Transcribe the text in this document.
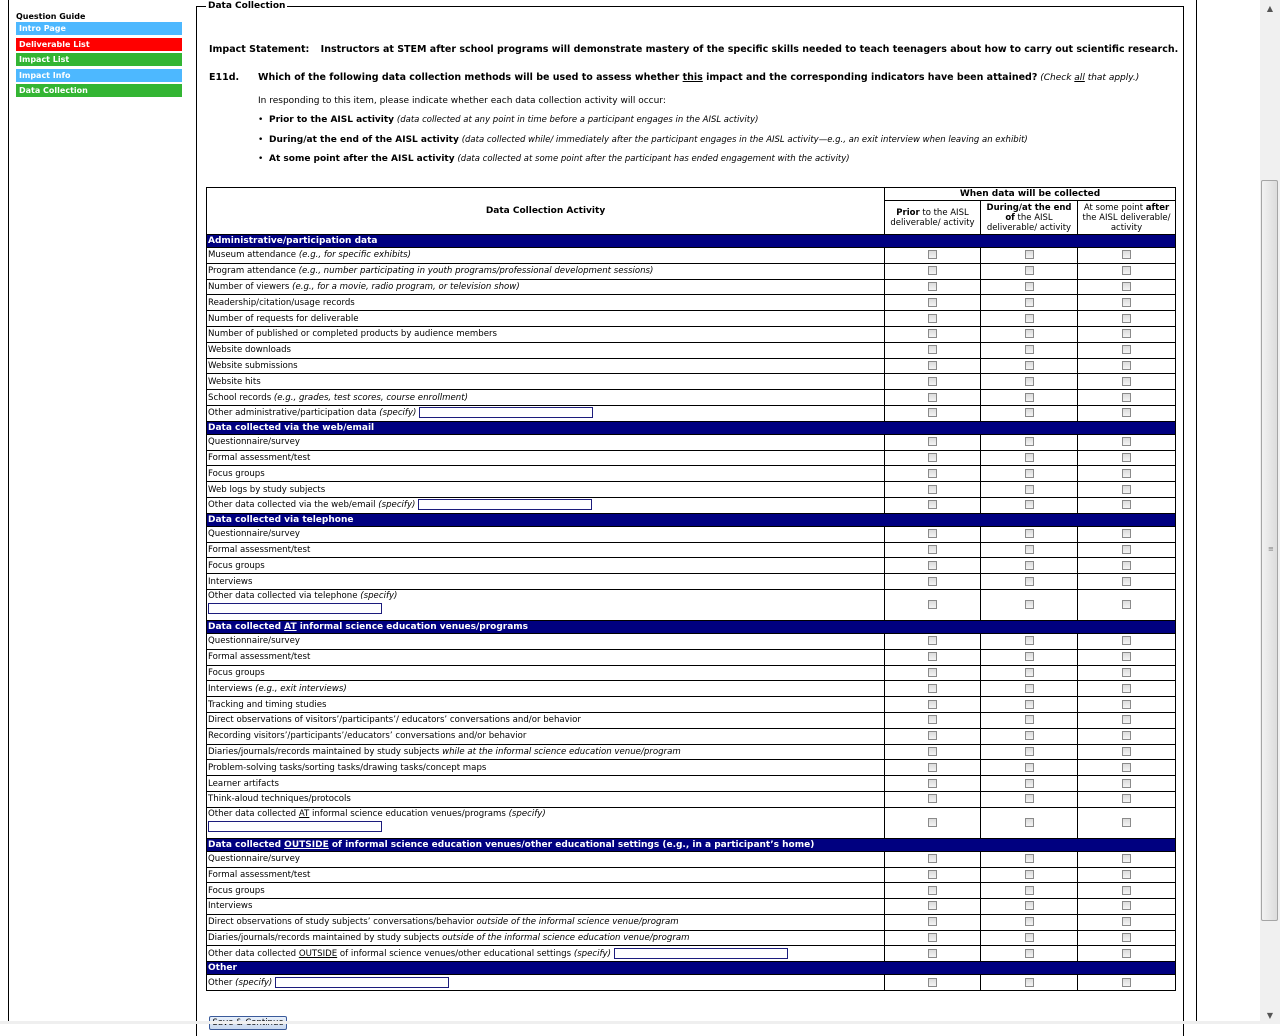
Question Guide
Intro Page
Deliverable List
Impact List
Impact Info
Data Collection
Data Collection
Impact Statement: Instructors at STEM after school programs will demonstrate mastery of the specific skills needed to teach teenagers about how to carry out scientific research.
E11d. Which of the following data collection methods will be used to assess whether this impact and the corresponding indicators have been attained? (Check all that apply.)
In responding to this item, please indicate whether each data collection activity will occur:
• Prior to the AISL activity (data collected at any point in time before a participant engages in the AISL activity)
• During/at the end of the AISL activity (data collected while/ immediately after the participant engages in the AISL activity—e.g., an exit interview when leaving an exhibit)
• At some point after the AISL activity (data collected at some point after the participant has ended engagement with the activity)
Data Collection Activity	When data will be collected		
	Prior to the AISL deliverable/ activity	During/at the end of the AISL deliverable/ activity	At some point after the AISL deliverable/ activity
Administrative/participation data			
Museum attendance (e.g., for specific exhibits)			
Program attendance (e.g., number participating in youth programs/professional development sessions)			
Number of viewers (e.g., for a movie, radio program, or television show)			
Readership/citation/usage records			
Number of requests for deliverable			
Number of published or completed products by audience members			
Website downloads			
Website submissions			
Website hits			
School records (e.g., grades, test scores, course enrollment)			
Other administrative/participation data (specify)			
Data collected via the web/email			
Questionnaire/survey			
Formal assessment/test			
Focus groups			
Web logs by study subjects			
Other data collected via the web/email (specify)			
Data collected via telephone			
Questionnaire/survey			
Formal assessment/test			
Focus groups			
Interviews			
Other data collected via telephone (specify)

Data collected AT informal science education venues/programs			
Questionnaire/survey			
Formal assessment/test			
Focus groups			
Interviews (e.g., exit interviews)			
Tracking and timing studies			
Direct observations of visitors’/participants’/ educators’ conversations and/or behavior			
Recording visitors’/participants’/educators’ conversations and/or behavior			
Diaries/journals/records maintained by study subjects while at the informal science education venue/program			
Problem-solving tasks/sorting tasks/drawing tasks/concept maps			
Learner artifacts			
Think-aloud techniques/protocols			
Other data collected AT informal science education venues/programs (specify)

Data collected OUTSIDE of informal science education venues/other educational settings (e.g., in a participant’s home)			
Questionnaire/survey			
Formal assessment/test			
Focus groups			
Interviews			
Direct observations of study subjects’ conversations/behavior outside of the informal science venue/program			
Diaries/journals/records maintained by study subjects outside of the informal science education venue/program			
Other data collected OUTSIDE of informal science venues/other educational settings (specify)			
Other			
Other (specify)			
▲
≡
▼
